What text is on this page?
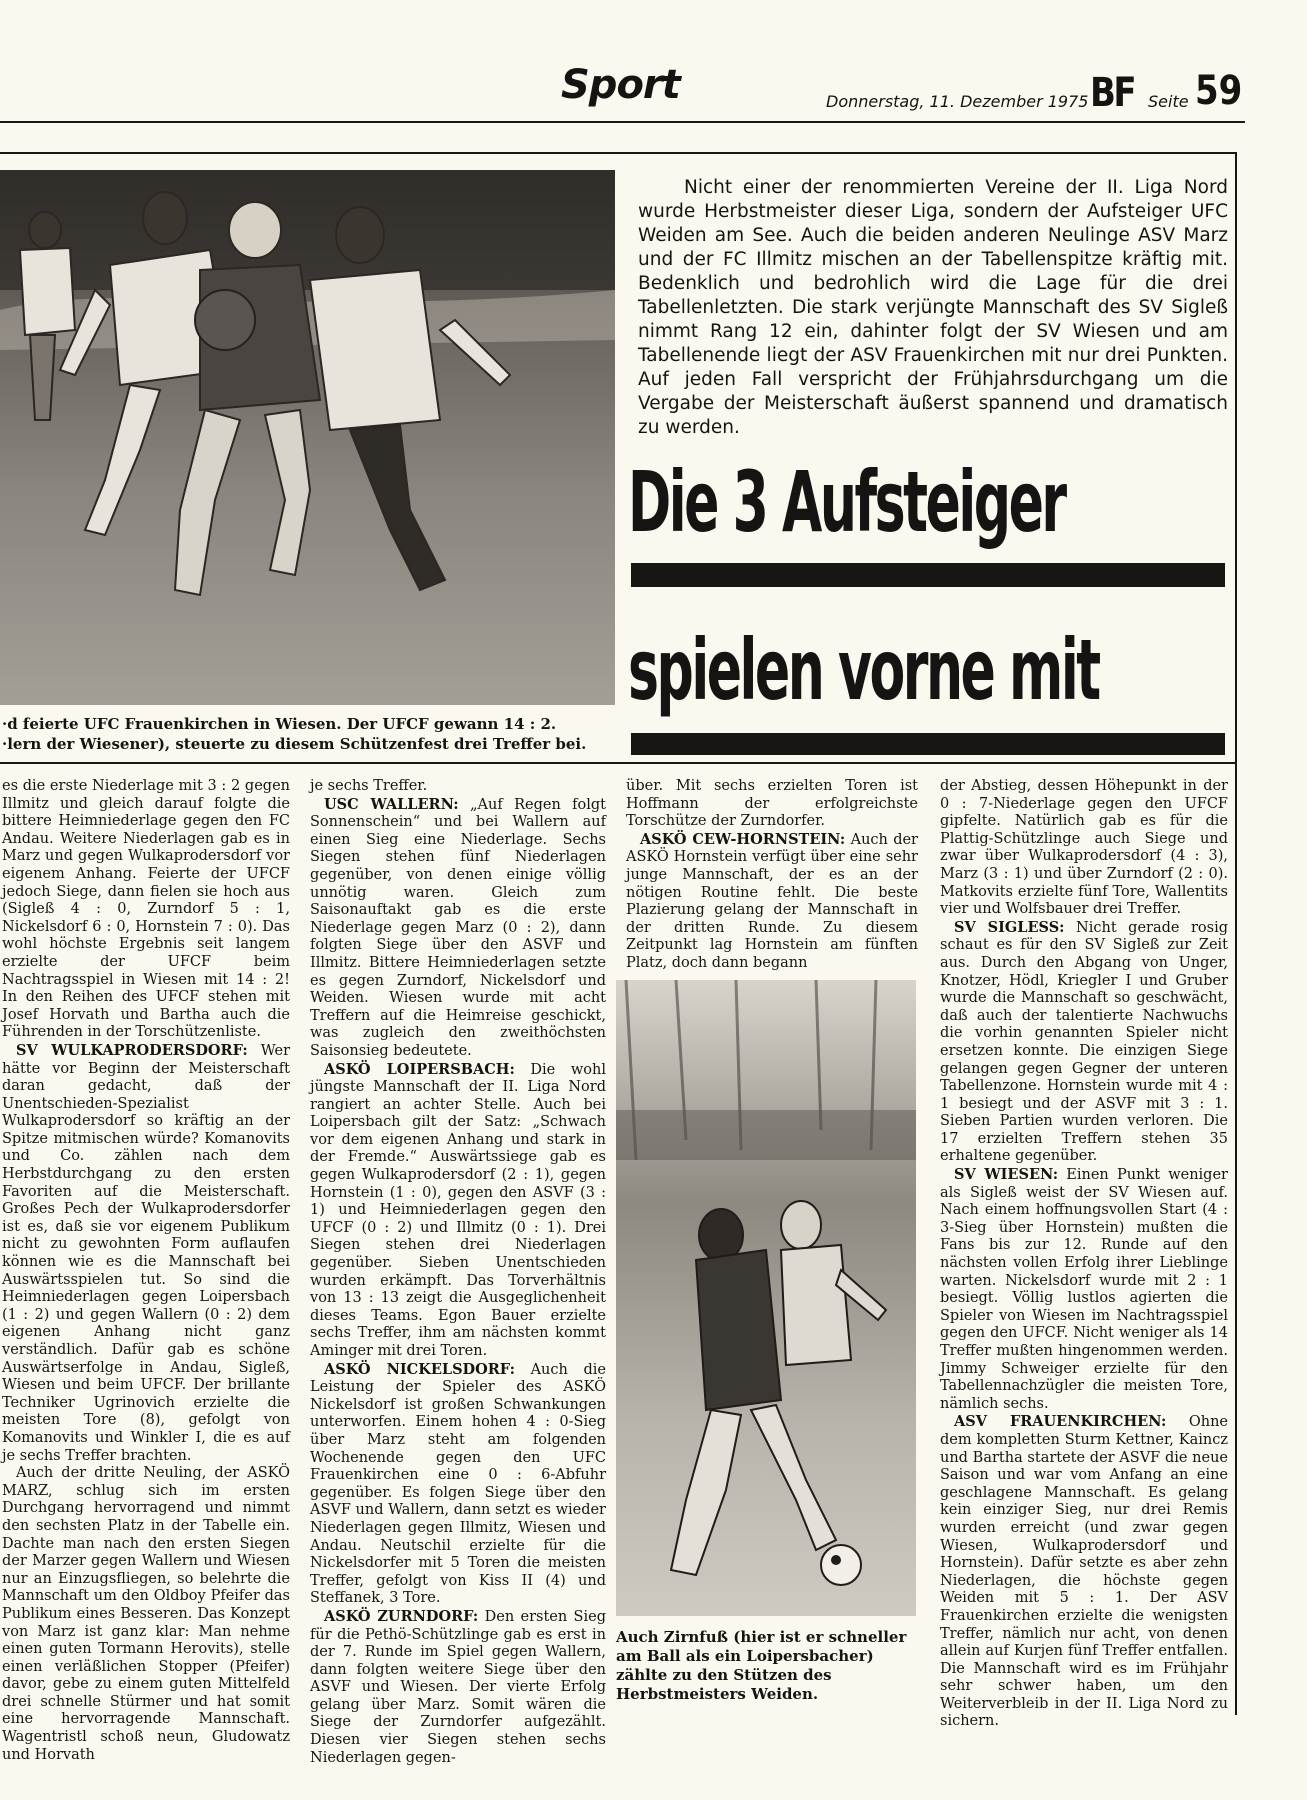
Sport	Donnerstag, 11. Dezember 1975 BF Seite 59
·d feierte UFC Frauenkirchen in Wiesen. Der UFCF gewann 14 : 2.
·lern der Wiesener), steuerte zu diesem Schützenfest drei Treffer bei.

Nicht einer der renommierten Vereine der II. Liga Nord wurde Herbstmeister dieser Liga, sondern der Aufsteiger UFC Weiden am See. Auch die beiden anderen Neulinge ASV Marz und der FC Illmitz mischen an der Tabellenspitze kräftig mit. Bedenklich und bedrohlich wird die Lage für die drei Tabellenletzten. Die stark verjüngte Mannschaft des SV Sigleß nimmt Rang 12 ein, dahinter folgt der SV Wiesen und am Tabellenende liegt der ASV Frauenkirchen mit nur drei Punkten. Auf jeden Fall verspricht der Frühjahrsdurchgang um die Vergabe der Meisterschaft äußerst spannend und dramatisch zu werden.

Die 3 Aufsteiger
spielen vorne mit

es die erste Niederlage mit 3 : 2 gegen Illmitz und gleich darauf folgte die bittere Heimniederlage gegen den FC Andau. Weitere Niederlagen gab es in Marz und gegen Wulkaprodersdorf vor eigenem Anhang. Feierte der UFCF jedoch Siege, dann fielen sie hoch aus (Sigleß 4 : 0, Zurndorf 5 : 1, Nickelsdorf 6 : 0, Hornstein 7 : 0). Das wohl höchste Ergebnis seit langem erzielte der UFCF beim Nachtragsspiel in Wiesen mit 14 : 2! In den Reihen des UFCF stehen mit Josef Horvath und Bartha auch die Führenden in der Torschützenliste.

SV WULKAPRODERSDORF: Wer hätte vor Beginn der Meisterschaft daran gedacht, daß der Unentschieden-Spezialist Wulkaprodersdorf so kräftig an der Spitze mitmischen würde? Komanovits und Co. zählen nach dem Herbstdurchgang zu den ersten Favoriten auf die Meisterschaft. Großes Pech der Wulkaprodersdorfer ist es, daß sie vor eigenem Publikum nicht zu gewohnten Form auflaufen können wie es die Mannschaft bei Auswärtsspielen tut. So sind die Heimniederlagen gegen Loipersbach (1 : 2) und gegen Wallern (0 : 2) dem eigenen Anhang nicht ganz verständlich. Dafür gab es schöne Auswärtserfolge in Andau, Sigleß, Wiesen und beim UFCF. Der brillante Techniker Ugrinovich erzielte die meisten Tore (8), gefolgt von Komanovits und Winkler I, die es auf je sechs Treffer brachten.

Auch der dritte Neuling, der ASKÖ MARZ, schlug sich im ersten Durchgang hervorragend und nimmt den sechsten Platz in der Tabelle ein. Dachte man nach den ersten Siegen der Marzer gegen Wallern und Wiesen nur an Einzugsfliegen, so belehrte die Mannschaft um den Oldboy Pfeifer das Publikum eines Besseren. Das Konzept von Marz ist ganz klar: Man nehme einen guten Tormann Herovits), stelle einen verläßlichen Stopper (Pfeifer) davor, gebe zu einem guten Mittelfeld drei schnelle Stürmer und hat somit eine hervorragende Mannschaft. Wagentristl schoß neun, Gludowatz und Horvath

je sechs Treffer.

USC WALLERN: „Auf Regen folgt Sonnenschein“ und bei Wallern auf einen Sieg eine Niederlage. Sechs Siegen stehen fünf Niederlagen gegenüber, von denen einige völlig unnötig waren. Gleich zum Saisonauftakt gab es die erste Niederlage gegen Marz (0 : 2), dann folgten Siege über den ASVF und Illmitz. Bittere Heimniederlagen setzte es gegen Zurndorf, Nickelsdorf und Weiden. Wiesen wurde mit acht Treffern auf die Heimreise geschickt, was zugleich den zweithöchsten Saisonsieg bedeutete.

ASKÖ LOIPERSBACH: Die wohl jüngste Mannschaft der II. Liga Nord rangiert an achter Stelle. Auch bei Loipersbach gilt der Satz: „Schwach vor dem eigenen Anhang und stark in der Fremde.“ Auswärtssiege gab es gegen Wulkaprodersdorf (2 : 1), gegen Hornstein (1 : 0), gegen den ASVF (3 : 1) und Heimniederlagen gegen den UFCF (0 : 2) und Illmitz (0 : 1). Drei Siegen stehen drei Niederlagen gegenüber. Sieben Unentschieden wurden erkämpft. Das Torverhältnis von 13 : 13 zeigt die Ausgeglichenheit dieses Teams. Egon Bauer erzielte sechs Treffer, ihm am nächsten kommt Aminger mit drei Toren.

ASKÖ NICKELSDORF: Auch die Leistung der Spieler des ASKÖ Nickelsdorf ist großen Schwankungen unterworfen. Einem hohen 4 : 0-Sieg über Marz steht am folgenden Wochenende gegen den UFC Frauenkirchen eine 0 : 6-Abfuhr gegenüber. Es folgen Siege über den ASVF und Wallern, dann setzt es wieder Niederlagen gegen Illmitz, Wiesen und Andau. Neutschil erzielte für die Nickelsdorfer mit 5 Toren die meisten Treffer, gefolgt von Kiss II (4) und Steffanek, 3 Tore.

ASKÖ ZURNDORF: Den ersten Sieg für die Pethö-Schützlinge gab es erst in der 7. Runde im Spiel gegen Wallern, dann folgten weitere Siege über den ASVF und Wiesen. Der vierte Erfolg gelang über Marz. Somit wären die Siege der Zurndorfer aufgezählt. Diesen vier Siegen stehen sechs Niederlagen gegen-

über. Mit sechs erzielten Toren ist Hoffmann der erfolgreichste Torschütze der Zurndorfer.

ASKÖ CEW-HORNSTEIN: Auch der ASKÖ Hornstein verfügt über eine sehr junge Mannschaft, der es an der nötigen Routine fehlt. Die beste Plazierung gelang der Mannschaft in der dritten Runde. Zu diesem Zeitpunkt lag Hornstein am fünften Platz, doch dann begann

Auch Zirnfuß (hier ist er schneller am Ball als ein Loipersbacher) zählte zu den Stützen des Herbstmeisters Weiden.

der Abstieg, dessen Höhepunkt in der 0 : 7-Niederlage gegen den UFCF gipfelte. Natürlich gab es für die Plattig-Schützlinge auch Siege und zwar über Wulkaprodersdorf (4 : 3), Marz (3 : 1) und über Zurndorf (2 : 0). Matkovits erzielte fünf Tore, Wallentits vier und Wolfsbauer drei Treffer.

SV SIGLESS: Nicht gerade rosig schaut es für den SV Sigleß zur Zeit aus. Durch den Abgang von Unger, Knotzer, Hödl, Kriegler I und Gruber wurde die Mannschaft so geschwächt, daß auch der talentierte Nachwuchs die vorhin genannten Spieler nicht ersetzen konnte. Die einzigen Siege gelangen gegen Gegner der unteren Tabellenzone. Hornstein wurde mit 4 : 1 besiegt und der ASVF mit 3 : 1. Sieben Partien wurden verloren. Die 17 erzielten Treffern stehen 35 erhaltene gegenüber.

SV WIESEN: Einen Punkt weniger als Sigleß weist der SV Wiesen auf. Nach einem hoffnungsvollen Start (4 : 3-Sieg über Hornstein) mußten die Fans bis zur 12. Runde auf den nächsten vollen Erfolg ihrer Lieblinge warten. Nickelsdorf wurde mit 2 : 1 besiegt. Völlig lustlos agierten die Spieler von Wiesen im Nachtragsspiel gegen den UFCF. Nicht weniger als 14 Treffer mußten hingenommen werden. Jimmy Schweiger erzielte für den Tabellennachzügler die meisten Tore, nämlich sechs.

ASV FRAUENKIRCHEN: Ohne dem kompletten Sturm Kettner, Kaincz und Bartha startete der ASVF die neue Saison und war vom Anfang an eine geschlagene Mannschaft. Es gelang kein einziger Sieg, nur drei Remis wurden erreicht (und zwar gegen Wiesen, Wulkaprodersdorf und Hornstein). Dafür setzte es aber zehn Niederlagen, die höchste gegen Weiden mit 5 : 1. Der ASV Frauenkirchen erzielte die wenigsten Treffer, nämlich nur acht, von denen allein auf Kurjen fünf Treffer entfallen. Die Mannschaft wird es im Frühjahr sehr schwer haben, um den Weiterverbleib in der II. Liga Nord zu sichern.
